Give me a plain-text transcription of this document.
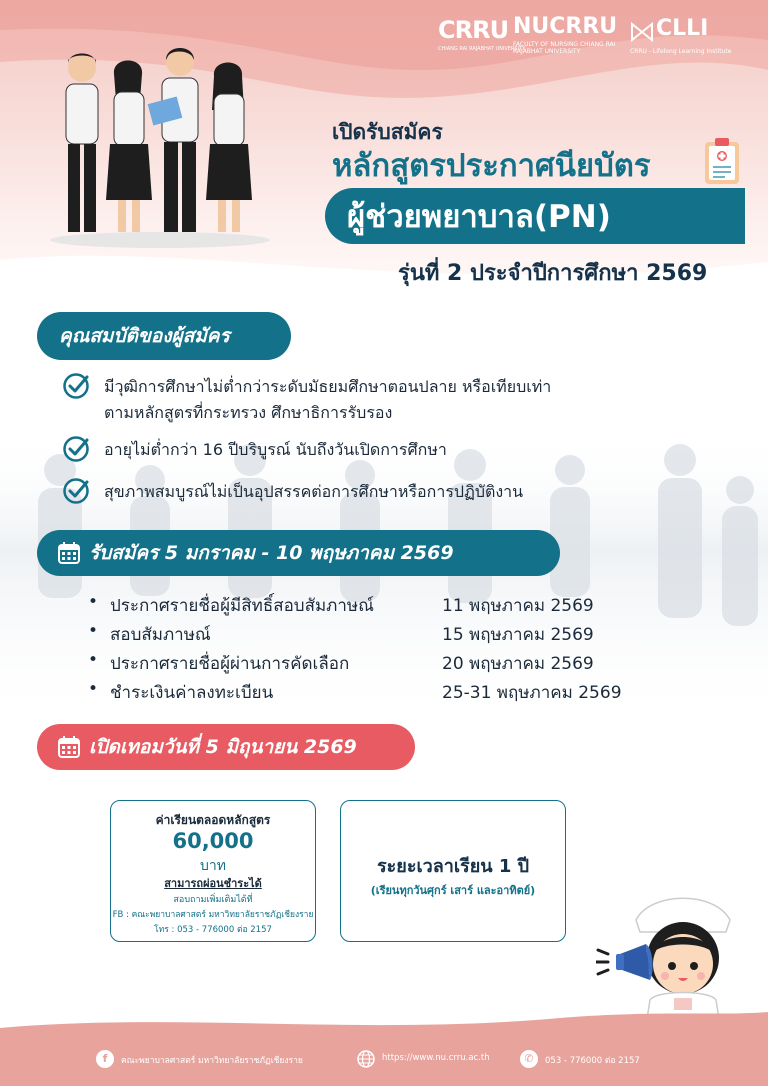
CRRU
CHIANG RAI RAJABHAT UNIVERSITY
NUCRRU
FACULTY OF NURSING CHIANG RAI RAJABHAT UNIVERSITY
CLLI
CRRU - Lifelong Learning Institute
เปิดรับสมัคร
หลักสูตรประกาศนียบัตร
ผู้ช่วยพยาบาล(PN)
รุ่นที่ 2 ประจำปีการศึกษา 2569
คุณสมบัติของผู้สมัคร
มีวุฒิการศึกษาไม่ต่ำกว่าระดับมัธยมศึกษาตอนปลาย หรือเทียบเท่าตามหลักสูตรที่กระทรวง ศึกษาธิการรับรอง
อายุไม่ต่ำกว่า 16 ปีบริบูรณ์ นับถึงวันเปิดการศึกษา
สุขภาพสมบูรณ์ไม่เป็นอุปสรรคต่อการศึกษาหรือการปฏิบัติงาน
รับสมัคร 5 มกราคม - 10 พฤษภาคม 2569
• ประกาศรายชื่อผู้มีสิทธิ์สอบสัมภาษณ์	11 พฤษภาคม 2569
• สอบสัมภาษณ์	15 พฤษภาคม 2569
• ประกาศรายชื่อผู้ผ่านการคัดเลือก	20 พฤษภาคม 2569
• ชำระเงินค่าลงทะเบียน	25-31 พฤษภาคม 2569
เปิดเทอมวันที่ 5 มิถุนายน 2569
ค่าเรียนตลอดหลักสูตร
60,000
บาท
สามารถผ่อนชำระได้
สอบถามเพิ่มเติมได้ที่
FB : คณะพยาบาลศาสตร์ มหาวิทยาลัยราชภัฏเชียงราย
โทร : 053 - 776000 ต่อ 2157
ระยะเวลาเรียน 1 ปี
(เรียนทุกวันศุกร์ เสาร์ และอาทิตย์)
f	คณะพยาบาลศาสตร์ มหาวิทยาลัยราชภัฏเชียงราย	https://www.nu.crru.ac.th	✆	053 - 776000 ต่อ 2157
